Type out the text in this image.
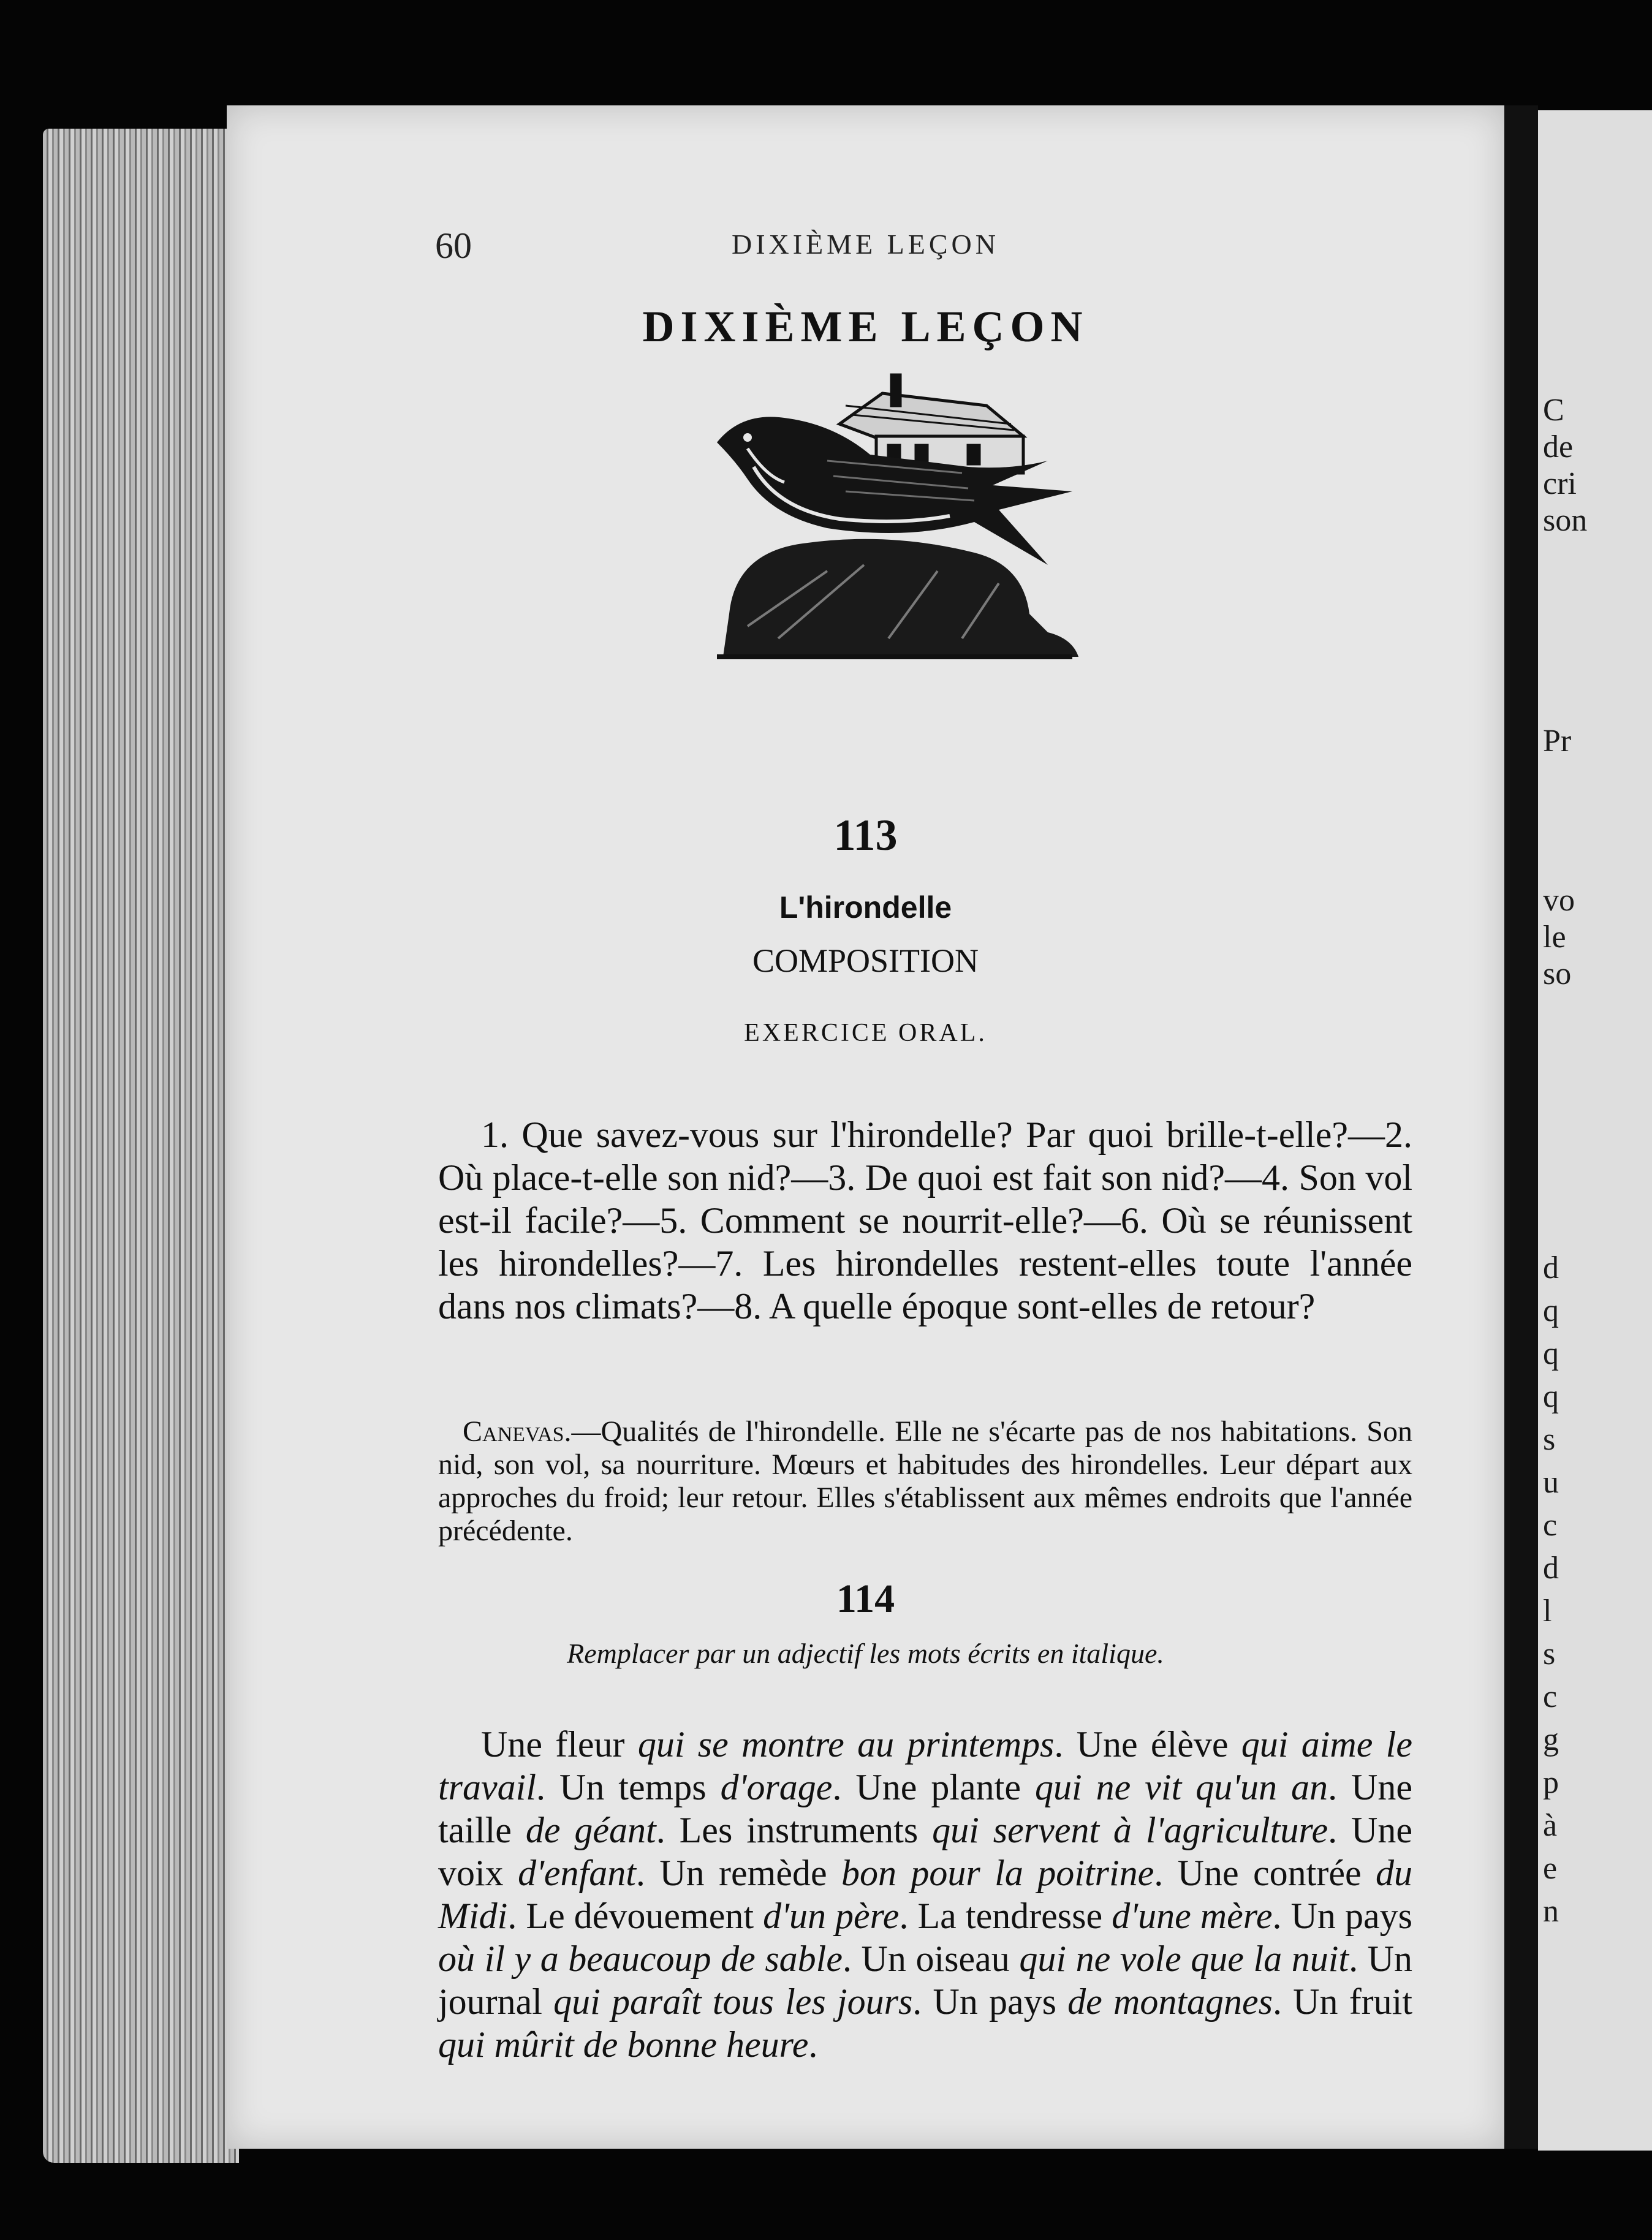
60	DIXIÈME LEÇON
DIXIÈME LEÇON
113
L'hirondelle
COMPOSITION
EXERCICE ORAL.

1. Que savez-vous sur l'hirondelle? Par quoi brille-t-elle?—2. Où place-t-elle son nid?—3. De quoi est fait son nid?—4. Son vol est-il facile?—5. Comment se nourrit-elle?—6. Où se réunissent les hirondelles?—7. Les hirondelles restent-elles toute l'année dans nos climats?—8. A quelle époque sont-elles de retour?

Canevas.—Qualités de l'hirondelle. Elle ne s'écarte pas de nos habitations. Son nid, son vol, sa nourriture. Mœurs et habitudes des hirondelles. Leur départ aux approches du froid; leur retour. Elles s'établissent aux mêmes endroits que l'année précédente.

114
Remplacer par un adjectif les mots écrits en italique.

Une fleur qui se montre au printemps. Une élève qui aime le travail. Un temps d'orage. Une plante qui ne vit qu'un an. Une taille de géant. Les instruments qui servent à l'agriculture. Une voix d'enfant. Un remède bon pour la poitrine. Une contrée du Midi. Le dévouement d'un père. La tendresse d'une mère. Un pays où il y a beaucoup de sable. Un oiseau qui ne vole que la nuit. Un journal qui paraît tous les jours. Un pays de montagnes. Un fruit qui mûrit de bonne heure.

C
de
cri
son
Pr
vo
le
so
d
q
q
q
s
u
c
d
l
s
c
g
p
à
e
n
